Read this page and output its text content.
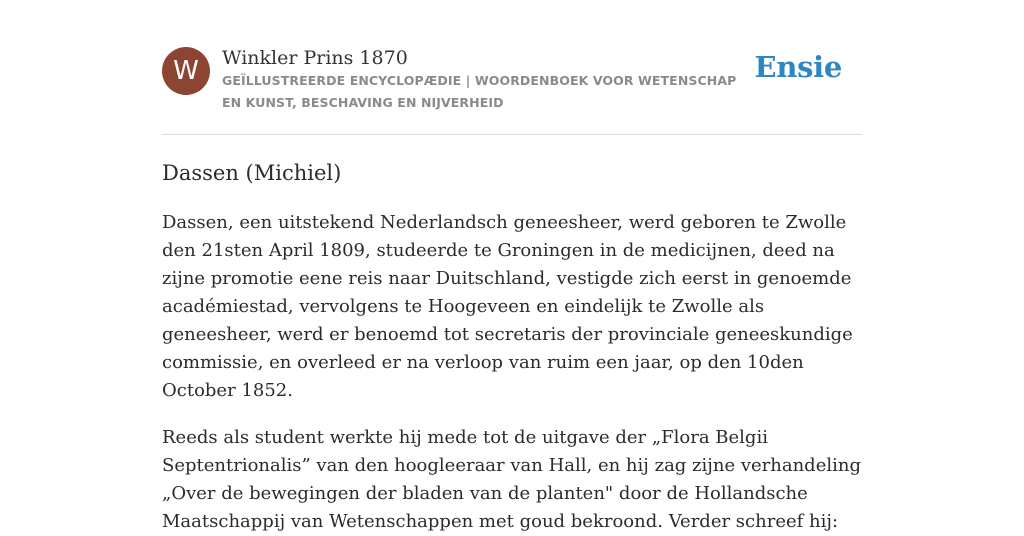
W	Winkler Prins 1870
GEÏLLUSTREERDE ENCYCLOPÆDIE | WOORDENBOEK VOOR WETENSCHAP EN KUNST, BESCHAVING EN NIJVERHEID
Ensie
Dassen (Michiel)

Dassen, een uitstekend Nederlandsch geneesheer, werd geboren te Zwolle den 21sten April 1809, studeerde te Groningen in de medicijnen, deed na zijne promotie eene reis naar Duitschland, vestigde zich eerst in genoemde académiestad, vervolgens te Hoogeveen en eindelijk te Zwolle als geneesheer, werd er benoemd tot secretaris der provinciale geneeskundige commissie, en overleed er na verloop van ruim een jaar, op den 10den October 1852.

Reeds als student werkte hij mede tot de uitgave der „Flora Belgii Septentrionalis” van den hoogleeraar van Hall, en hij zag zijne verhandeling „Over de bewegingen der bladen van de planten" door de Hollandsche Maatschappij van Wetenschappen met goud bekroond. Verder schreef hij:
